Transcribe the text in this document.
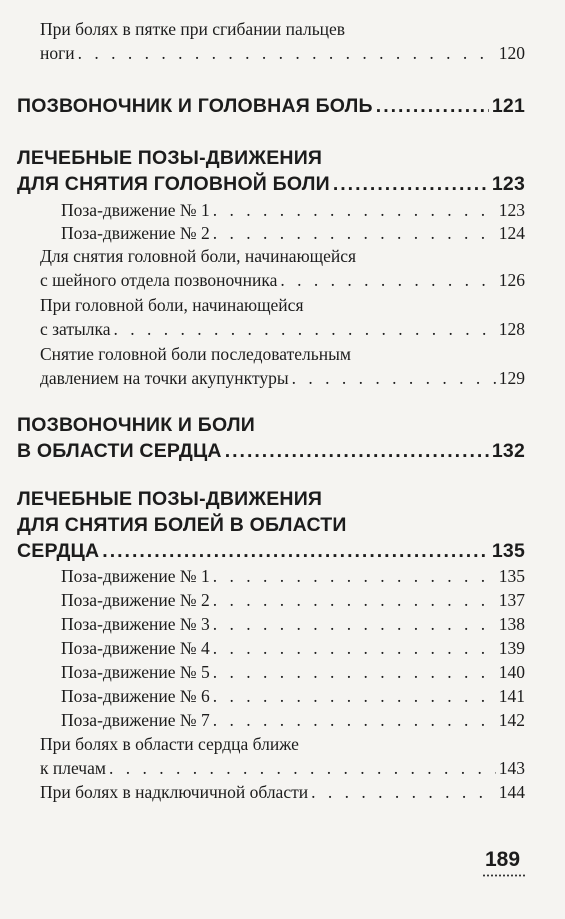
При болях в пятке при сгибании пальцев
ноги . . .	120
ПОЗВОНОЧНИК И ГОЛОВНАЯ БОЛЬ .....	121
ЛЕЧЕБНЫЕ ПОЗЫ-ДВИЖЕНИЯ
ДЛЯ СНЯТИЯ ГОЛОВНОЙ БОЛИ .....	123
Поза-движение № 1 . . .	123
Поза-движение № 2 . . .	124
Для снятия головной боли, начинающейся
с шейного отдела позвоночника . . .	126
При головной боли, начинающейся
с затылка . . .	128
Снятие головной боли последовательным
давлением на точки акупунктуры . . .	129
ПОЗВОНОЧНИК И БОЛИ
В ОБЛАСТИ СЕРДЦА .....	132
ЛЕЧЕБНЫЕ ПОЗЫ-ДВИЖЕНИЯ
ДЛЯ СНЯТИЯ БОЛЕЙ В ОБЛАСТИ
СЕРДЦА .....	135
Поза-движение № 1 . . .	135
Поза-движение № 2 . . .	137
Поза-движение № 3 . . .	138
Поза-движение № 4 . . .	139
Поза-движение № 5 . . .	140
Поза-движение № 6 . . .	141
Поза-движение № 7 . . .	142
При болях в области сердца ближе
к плечам . . .	143
При болях в надключичной области . . .	144
189
